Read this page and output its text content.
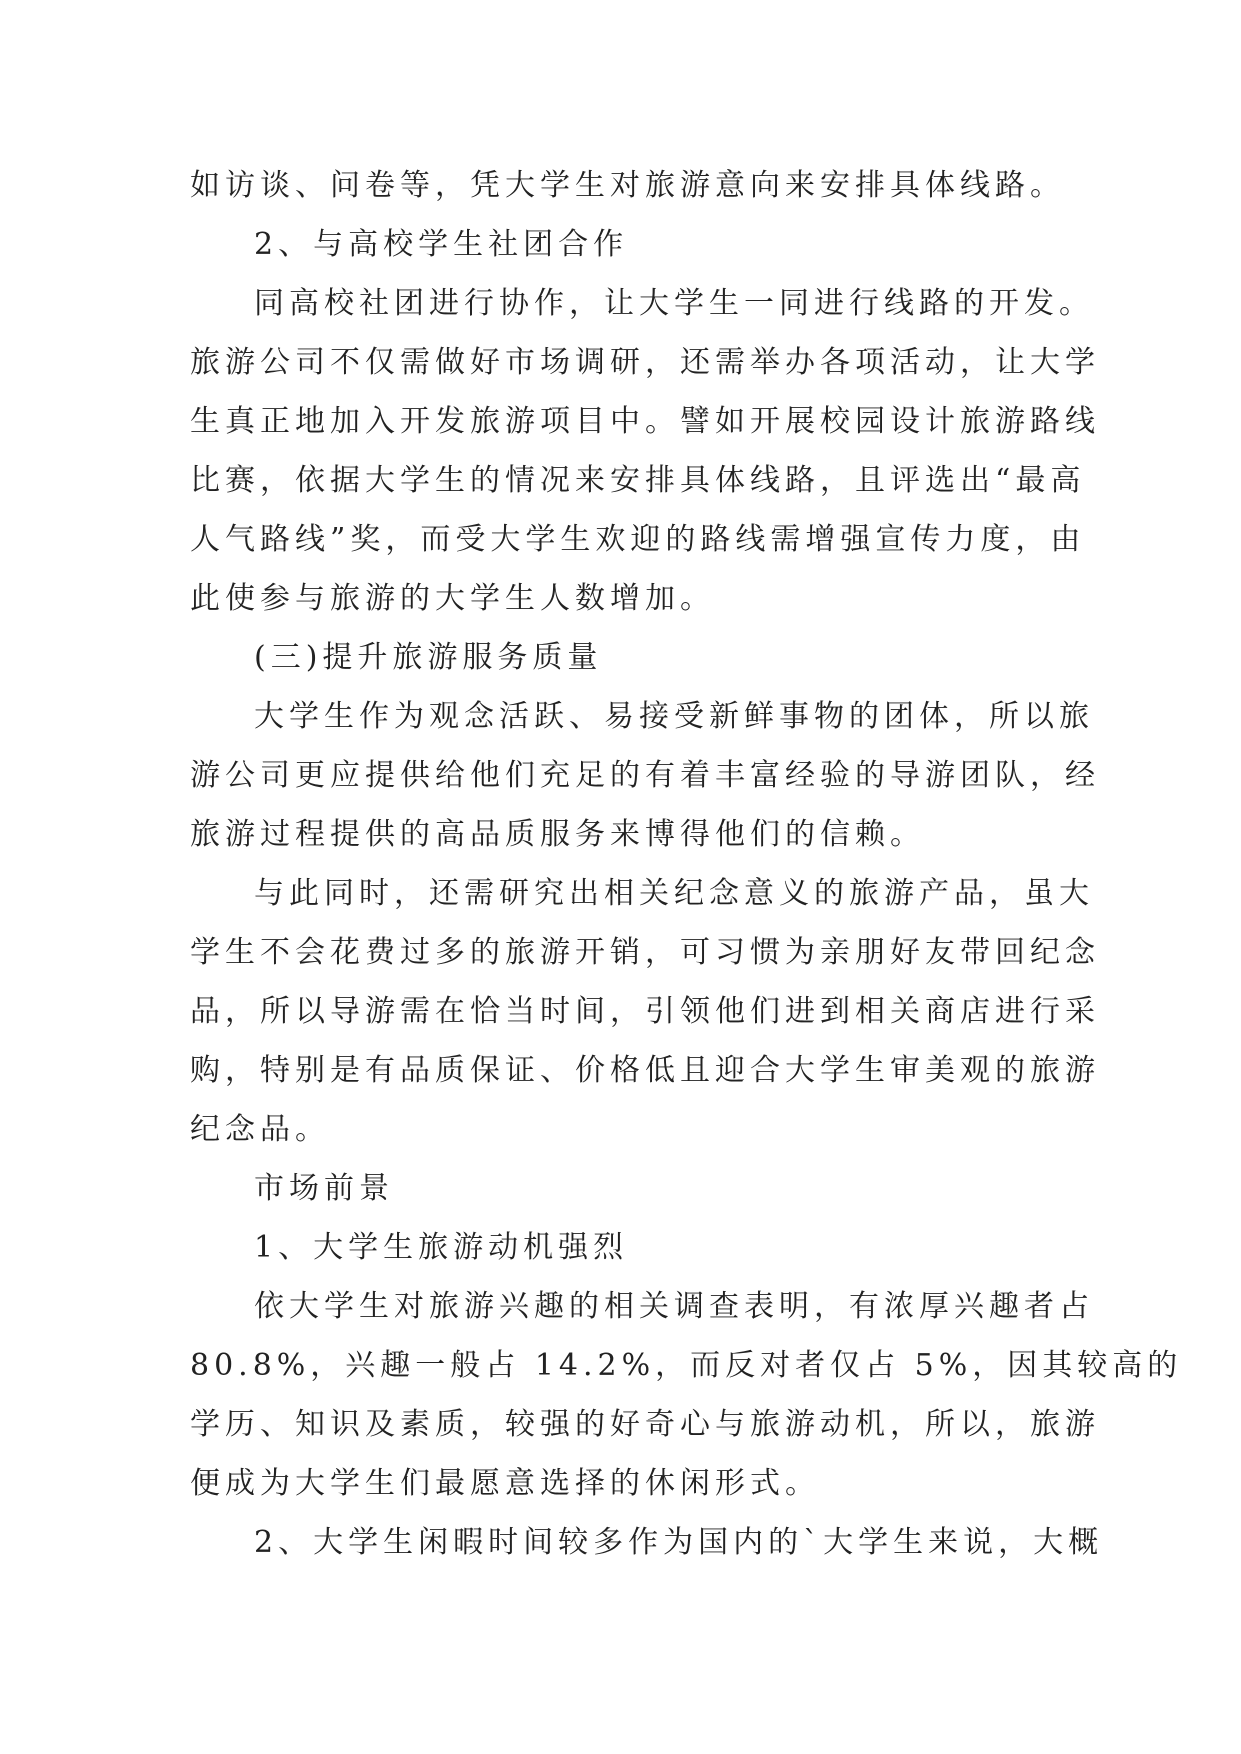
如访谈、问卷等，凭大学生对旅游意向来安排具体线路。
2、与高校学生社团合作
同高校社团进行协作，让大学生一同进行线路的开发。
旅游公司不仅需做好市场调研，还需举办各项活动，让大学
生真正地加入开发旅游项目中。譬如开展校园设计旅游路线
比赛，依据大学生的情况来安排具体线路，且评选出“最高
人气路线”奖，而受大学生欢迎的路线需增强宣传力度，由
此使参与旅游的大学生人数增加。
(三)提升旅游服务质量
大学生作为观念活跃、易接受新鲜事物的团体，所以旅
游公司更应提供给他们充足的有着丰富经验的导游团队，经
旅游过程提供的高品质服务来博得他们的信赖。
与此同时，还需研究出相关纪念意义的旅游产品，虽大
学生不会花费过多的旅游开销，可习惯为亲朋好友带回纪念
品，所以导游需在恰当时间，引领他们进到相关商店进行采
购，特别是有品质保证、价格低且迎合大学生审美观的旅游
纪念品。
市场前景
1、大学生旅游动机强烈
依大学生对旅游兴趣的相关调查表明，有浓厚兴趣者占
80.8%，兴趣一般占 14.2%，而反对者仅占 5%，因其较高的
学历、知识及素质，较强的好奇心与旅游动机，所以，旅游
便成为大学生们最愿意选择的休闲形式。
2、大学生闲暇时间较多作为国内的`大学生来说，大概
